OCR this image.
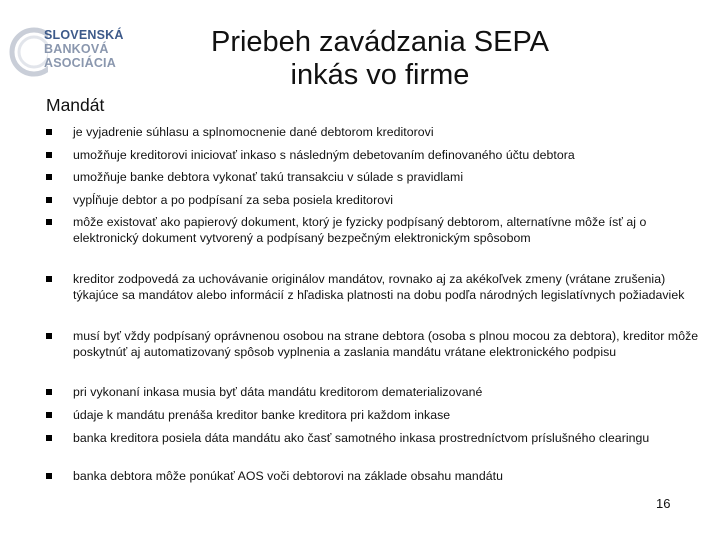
SLOVENSKÁ
BANKOVÁ
ASOCIÁCIA
Priebeh zavádzania SEPA
inkás vo firme
Mandát
je vyjadrenie súhlasu a splnomocnenie dané debtorom kreditorovi
umožňuje kreditorovi iniciovať inkaso s následným debetovaním definovaného účtu debtora
umožňuje banke debtora vykonať takú transakciu v súlade s pravidlami
vypĺňuje debtor a po podpísaní za seba posiela kreditorovi
môže existovať ako papierový dokument, ktorý je fyzicky podpísaný debtorom, alternatívne môže ísť aj o elektronický dokument vytvorený a podpísaný bezpečným elektronickým spôsobom
kreditor zodpovedá za uchovávanie originálov mandátov, rovnako aj za akékoľvek zmeny (vrátane zrušenia) týkajúce sa mandátov alebo informácií z hľadiska platnosti na dobu podľa národných legislatívnych požiadaviek
musí byť vždy podpísaný oprávnenou osobou na strane debtora (osoba s plnou mocou za debtora), kreditor môže poskytnúť aj automatizovaný spôsob vyplnenia a zaslania mandátu vrátane elektronického podpisu
pri vykonaní inkasa musia byť dáta mandátu kreditorom dematerializované
údaje k mandátu prenáša kreditor banke kreditora pri každom inkase
banka kreditora posiela dáta mandátu ako časť samotného inkasa prostredníctvom príslušného clearingu
banka debtora môže ponúkať AOS voči debtorovi na základe obsahu mandátu
16
